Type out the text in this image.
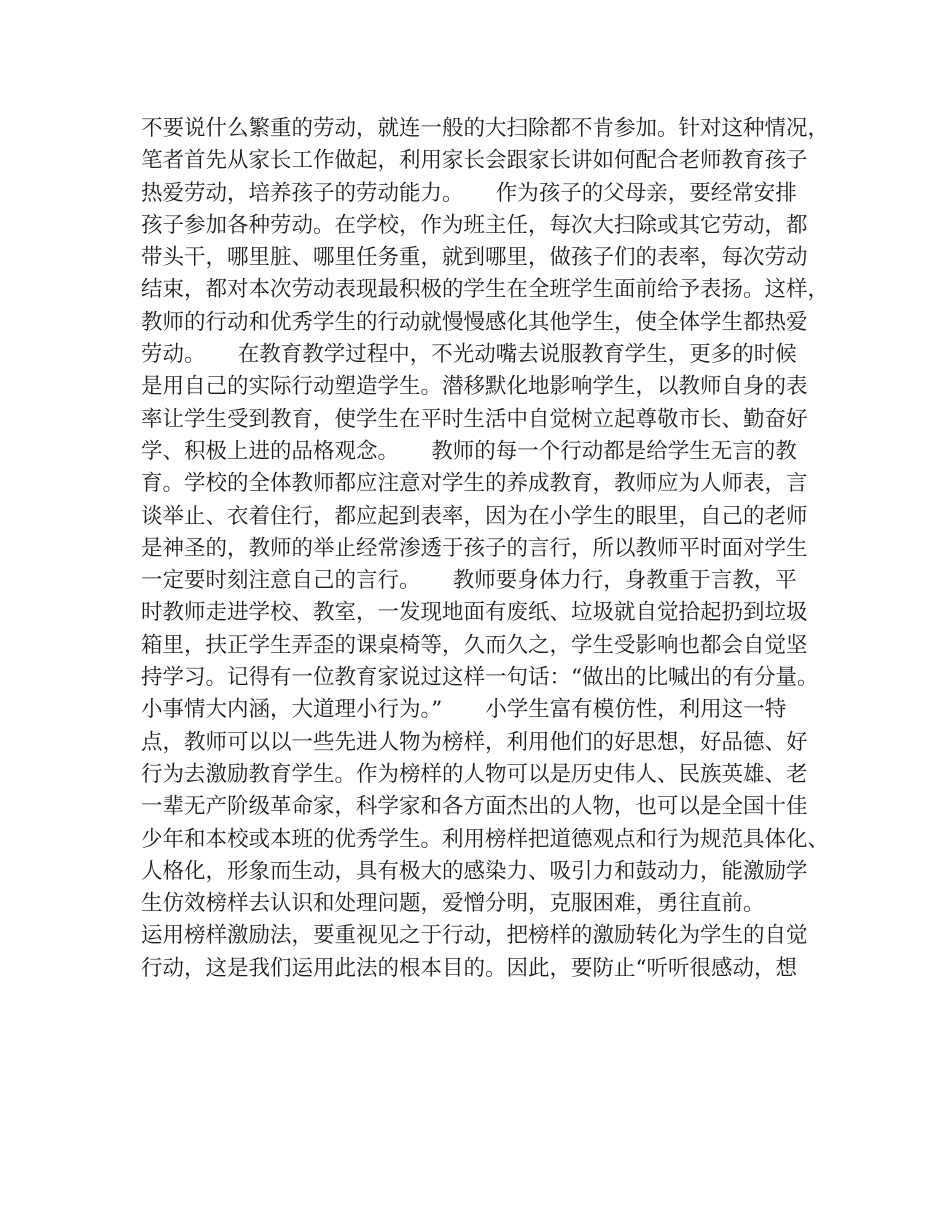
不要说什么繁重的劳动，就连一般的大扫除都不肯参加。针对这种情况，
笔者首先从家长工作做起，利用家长会跟家长讲如何配合老师教育孩子
热爱劳动，培养孩子的劳动能力。　　作为孩子的父母亲，要经常安排
孩子参加各种劳动。在学校，作为班主任，每次大扫除或其它劳动，都
带头干，哪里脏、哪里任务重，就到哪里，做孩子们的表率，每次劳动
结束，都对本次劳动表现最积极的学生在全班学生面前给予表扬。这样，
教师的行动和优秀学生的行动就慢慢感化其他学生，使全体学生都热爱
劳动。　　在教育教学过程中，不光动嘴去说服教育学生，更多的时候
是用自己的实际行动塑造学生。潜移默化地影响学生，以教师自身的表
率让学生受到教育，使学生在平时生活中自觉树立起尊敬市长、勤奋好
学、积极上进的品格观念。　　教师的每一个行动都是给学生无言的教
育。学校的全体教师都应注意对学生的养成教育，教师应为人师表，言
谈举止、衣着住行，都应起到表率，因为在小学生的眼里，自己的老师
是神圣的，教师的举止经常渗透于孩子的言行，所以教师平时面对学生
一定要时刻注意自己的言行。　　教师要身体力行，身教重于言教，平
时教师走进学校、教室，一发现地面有废纸、垃圾就自觉拾起扔到垃圾
箱里，扶正学生弄歪的课桌椅等，久而久之，学生受影响也都会自觉坚
持学习。记得有一位教育家说过这样一句话：“做出的比喊出的有分量。
小事情大内涵，大道理小行为。”　　小学生富有模仿性，利用这一特
点，教师可以以一些先进人物为榜样，利用他们的好思想，好品德、好
行为去激励教育学生。作为榜样的人物可以是历史伟人、民族英雄、老
一辈无产阶级革命家，科学家和各方面杰出的人物，也可以是全国十佳
少年和本校或本班的优秀学生。利用榜样把道德观点和行为规范具体化、
人格化，形象而生动，具有极大的感染力、吸引力和鼓动力，能激励学
生仿效榜样去认识和处理问题，爱憎分明，克服困难，勇往直前。
运用榜样激励法，要重视见之于行动，把榜样的激励转化为学生的自觉
行动，这是我们运用此法的根本目的。因此，要防止“听听很感动，想
